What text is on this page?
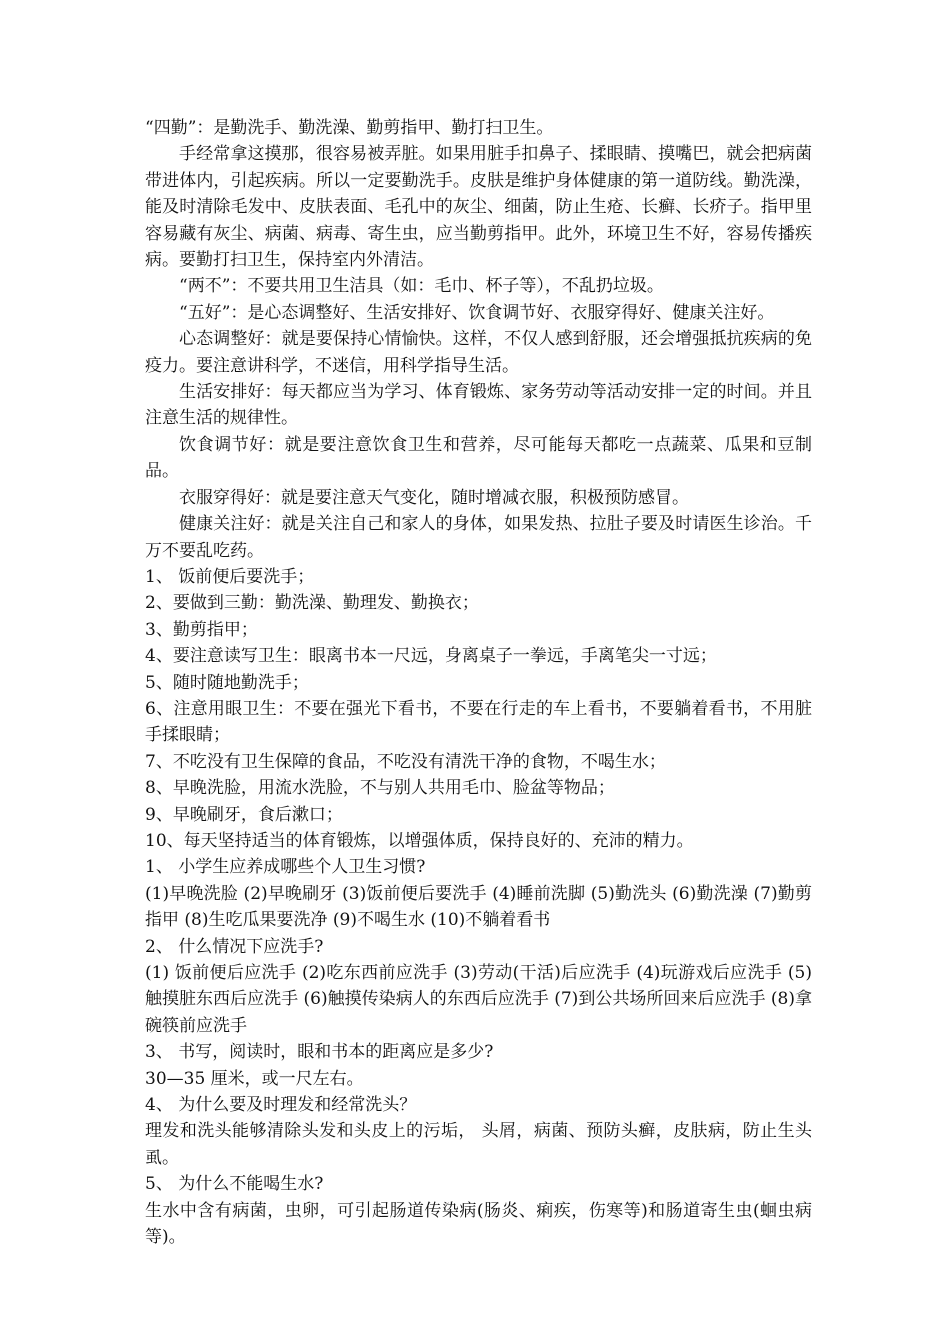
“四勤”：是勤洗手、勤洗澡、勤剪指甲、勤打扫卫生。

手经常拿这摸那，很容易被弄脏。如果用脏手扣鼻子、揉眼睛、摸嘴巴，就会把病菌带进体内，引起疾病。所以一定要勤洗手。皮肤是维护身体健康的第一道防线。勤洗澡，能及时清除毛发中、皮肤表面、毛孔中的灰尘、细菌，防止生疮、长癣、长疥子。指甲里容易藏有灰尘、病菌、病毒、寄生虫，应当勤剪指甲。此外，环境卫生不好，容易传播疾病。要勤打扫卫生，保持室内外清洁。

“两不”：不要共用卫生洁具（如：毛巾、杯子等），不乱扔垃圾。

“五好”：是心态调整好、生活安排好、饮食调节好、衣服穿得好、健康关注好。

心态调整好：就是要保持心情愉快。这样，不仅人感到舒服，还会增强抵抗疾病的免疫力。要注意讲科学，不迷信，用科学指导生活。

生活安排好：每天都应当为学习、体育锻炼、家务劳动等活动安排一定的时间。并且注意生活的规律性。

饮食调节好：就是要注意饮食卫生和营养，尽可能每天都吃一点蔬菜、瓜果和豆制品。

衣服穿得好：就是要注意天气变化，随时增减衣服，积极预防感冒。

健康关注好：就是关注自己和家人的身体，如果发热、拉肚子要及时请医生诊治。千万不要乱吃药。

1、 饭前便后要洗手；

2、要做到三勤：勤洗澡、勤理发、勤换衣；

3、勤剪指甲；

4、要注意读写卫生：眼离书本一尺远，身离桌子一拳远，手离笔尖一寸远；

5、随时随地勤洗手；

6、注意用眼卫生：不要在强光下看书，不要在行走的车上看书，不要躺着看书，不用脏手揉眼睛；

7、不吃没有卫生保障的食品，不吃没有清洗干净的食物，不喝生水；

8、早晚洗脸，用流水洗脸，不与别人共用毛巾、脸盆等物品；

9、早晚刷牙，食后漱口；

10、每天坚持适当的体育锻炼，以增强体质，保持良好的、充沛的精力。

1、 小学生应养成哪些个人卫生习惯?

(1)早晚洗脸 (2)早晚刷牙 (3)饭前便后要洗手 (4)睡前洗脚 (5)勤洗头 (6)勤洗澡 (7)勤剪指甲 (8)生吃瓜果要洗净 (9)不喝生水 (10)不躺着看书

2、 什么情况下应洗手?

(1) 饭前便后应洗手 (2)吃东西前应洗手 (3)劳动(干活)后应洗手 (4)玩游戏后应洗手 (5)触摸脏东西后应洗手 (6)触摸传染病人的东西后应洗手 (7)到公共场所回来后应洗手 (8)拿碗筷前应洗手

3、 书写，阅读时，眼和书本的距离应是多少?

30—35 厘米，或一尺左右。

4、 为什么要及时理发和经常洗头？

理发和洗头能够清除头发和头皮上的污垢， 头屑，病菌、预防头癣，皮肤病，防止生头虱。

5、 为什么不能喝生水?

生水中含有病菌，虫卵，可引起肠道传染病(肠炎、痢疾，伤寒等)和肠道寄生虫(蛔虫病等)。
